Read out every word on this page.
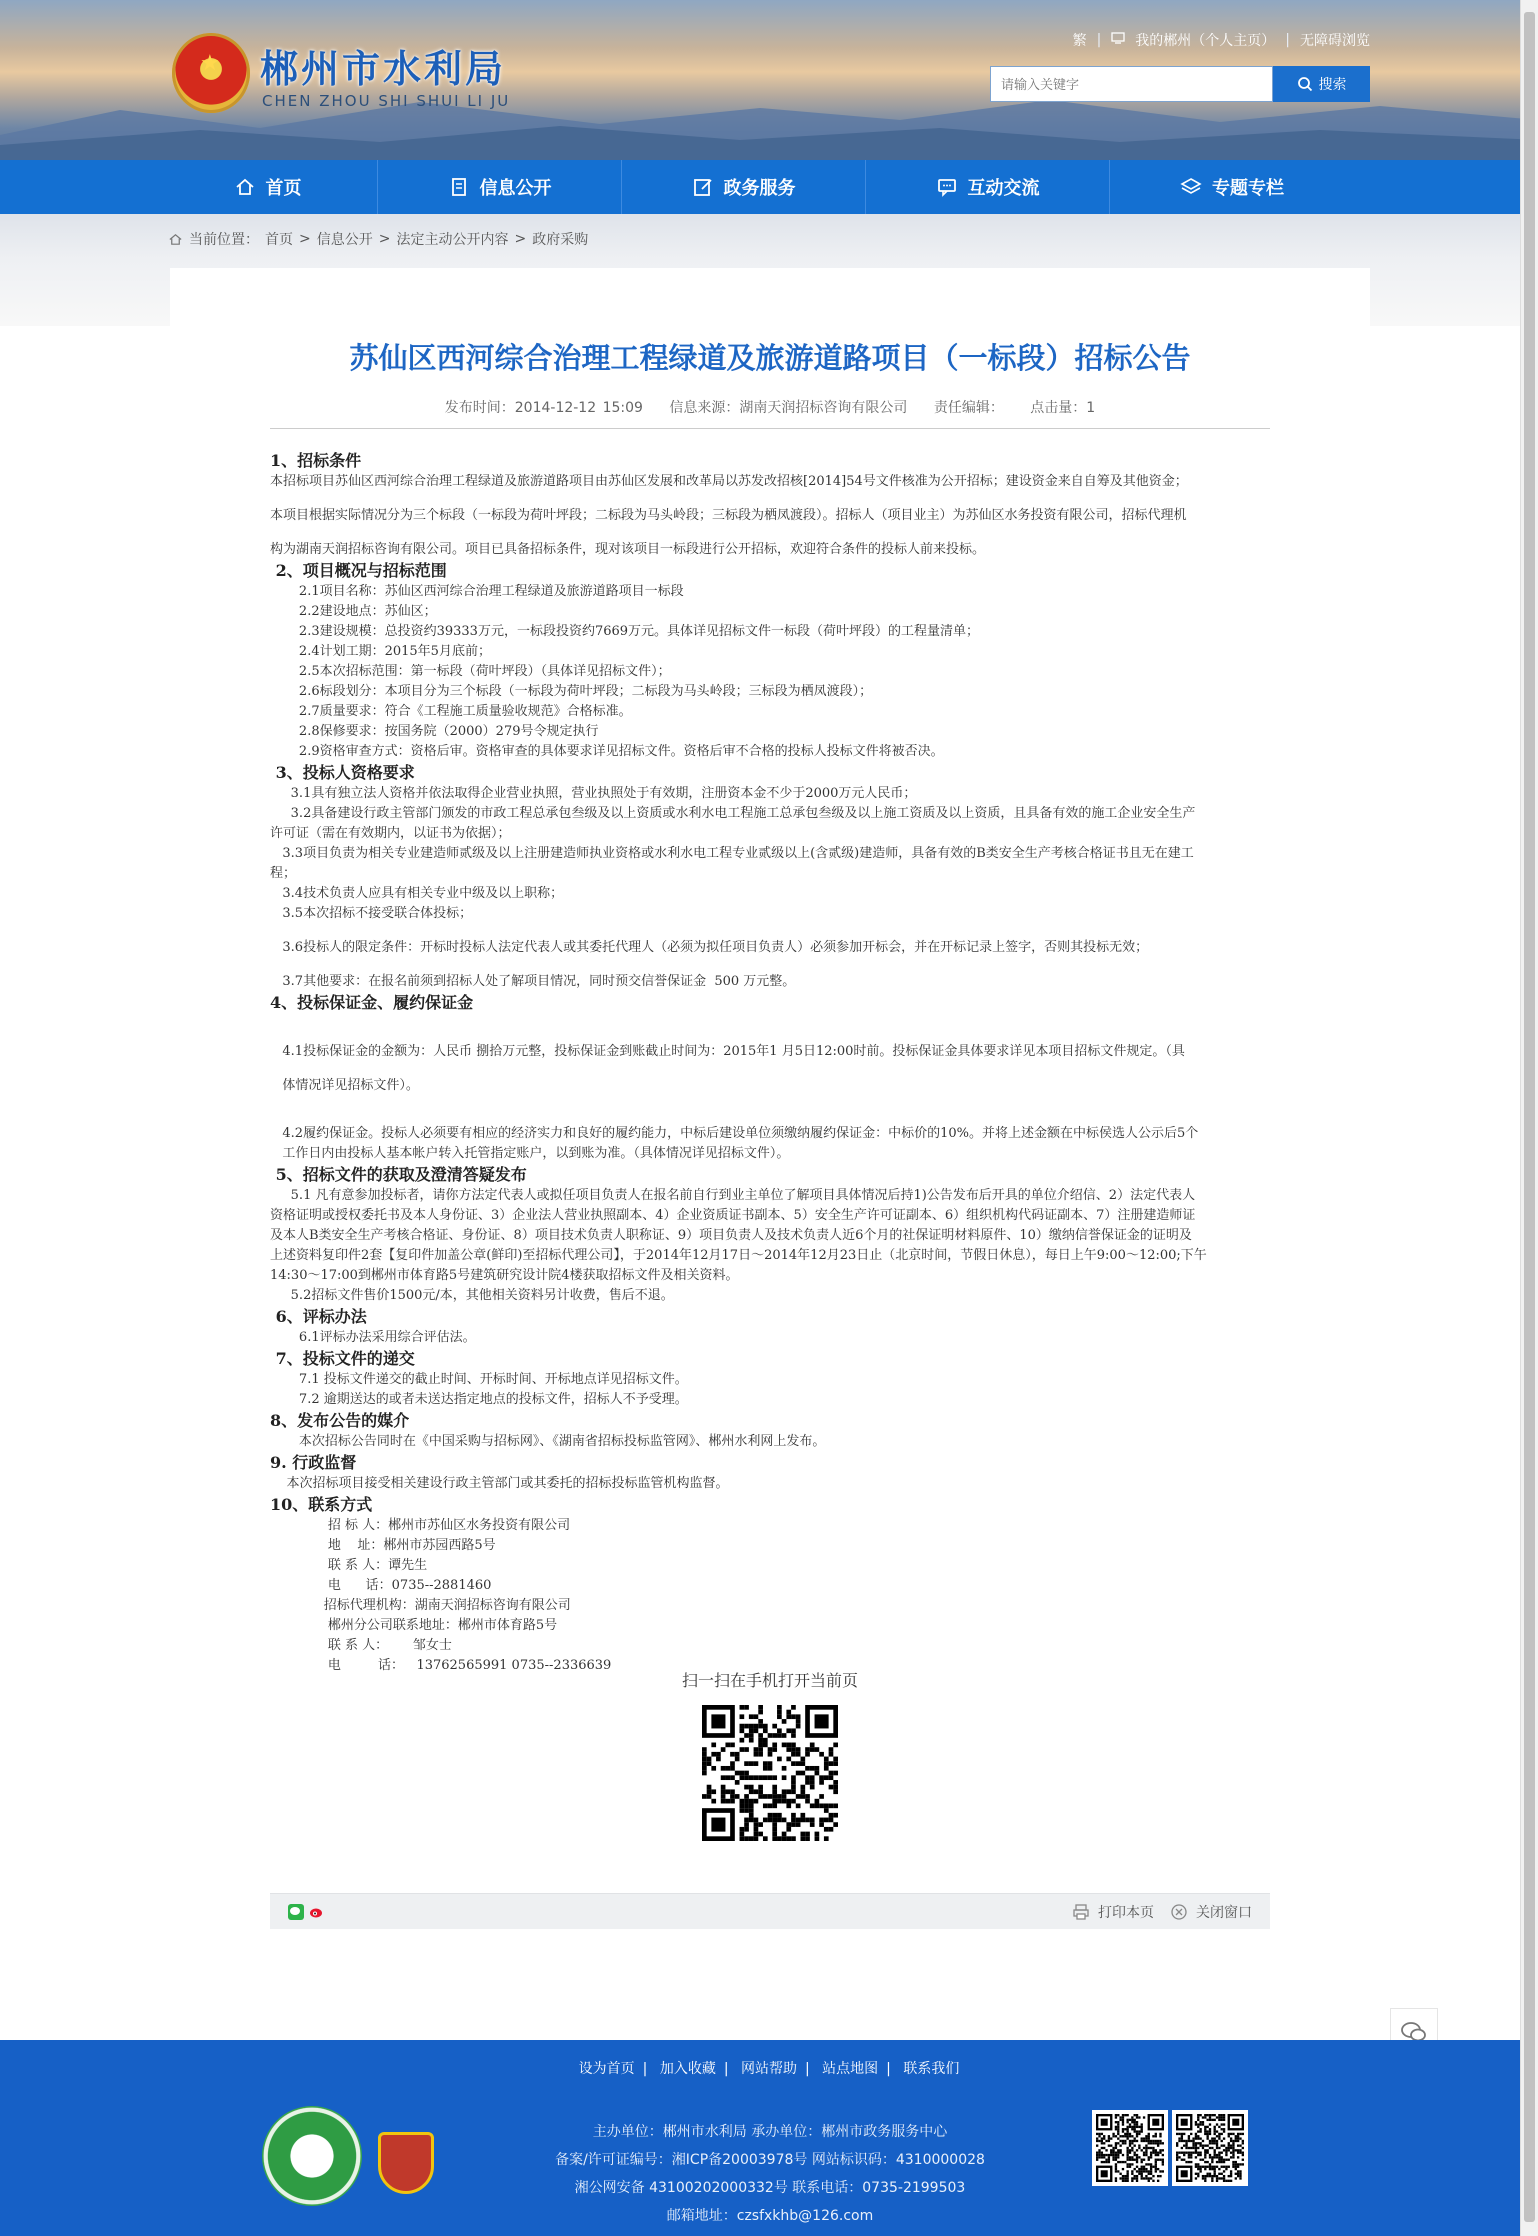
★ 郴州市水利局
CHEN ZHOU SHI SHUI LI JU
繁 | 我的郴州（个人主页） | 无障碍浏览
请输入关键字
搜索
首页	信息公开	政务服务	互动交流	专题专栏
当前位置： 首页 > 信息公开 > 法定主动公开内容 > 政府采购
苏仙区西河综合治理工程绿道及旅游道路项目（一标段）招标公告
发布时间：2014-12-12 15:09 信息来源：湖南天润招标咨询有限公司 责任编辑： 点击量：1

1、招标条件

本招标项目苏仙区西河综合治理工程绿道及旅游道路项目由苏仙区发展和改革局以苏发改招核[2014]54号文件核准为公开招标；建设资金来自自筹及其他资金；

本项目根据实际情况分为三个标段（一标段为荷叶坪段；二标段为马头岭段；三标段为栖凤渡段）。招标人（项目业主）为苏仙区水务投资有限公司，招标代理机

构为湖南天润招标咨询有限公司。项目已具备招标条件，现对该项目一标段进行公开招标，欢迎符合条件的投标人前来投标。

2、项目概况与招标范围

2.1项目名称：苏仙区西河综合治理工程绿道及旅游道路项目一标段

2.2建设地点：苏仙区；

2.3建设规模：总投资约39333万元，一标段投资约7669万元。具体详见招标文件一标段（荷叶坪段）的工程量清单；

2.4计划工期：2015年5月底前；

2.5本次招标范围：第一标段（荷叶坪段）（具体详见招标文件）；

2.6标段划分：本项目分为三个标段（一标段为荷叶坪段；二标段为马头岭段；三标段为栖凤渡段）；

2.7质量要求：符合《工程施工质量验收规范》合格标准。

2.8保修要求：按国务院（2000）279号令规定执行

2.9资格审查方式：资格后审。资格审查的具体要求详见招标文件。资格后审不合格的投标人投标文件将被否决。

3、投标人资格要求

3.1具有独立法人资格并依法取得企业营业执照，营业执照处于有效期，注册资本金不少于2000万元人民币；

3.2具备建设行政主管部门颁发的市政工程总承包叁级及以上资质或水利水电工程施工总承包叁级及以上施工资质及以上资质，且具备有效的施工企业安全生产

许可证（需在有效期内，以证书为依据）；

3.3项目负责为相关专业建造师贰级及以上注册建造师执业资格或水利水电工程专业贰级以上(含贰级)建造师，具备有效的B类安全生产考核合格证书且无在建工

程；

3.4技术负责人应具有相关专业中级及以上职称；

3.5本次招标不接受联合体投标；

3.6投标人的限定条件：开标时投标人法定代表人或其委托代理人（必须为拟任项目负责人）必须参加开标会，并在开标记录上签字，否则其投标无效；

3.7其他要求：在报名前须到招标人处了解项目情况，同时预交信誉保证金  500 万元整。

4、投标保证金、履约保证金

4.1投标保证金的金额为：人民币 捌拾万元整，投标保证金到账截止时间为：2015年1 月5日12:00时前。投标保证金具体要求详见本项目招标文件规定。（具

体情况详见招标文件）。

4.2履约保证金。投标人必须要有相应的经济实力和良好的履约能力，中标后建设单位须缴纳履约保证金：中标价的10%。并将上述金额在中标侯选人公示后5个

工作日内由投标人基本帐户转入托管指定账户，以到账为准。（具体情况详见招标文件）。

5、招标文件的获取及澄清答疑发布

5.1 凡有意参加投标者，请你方法定代表人或拟任项目负责人在报名前自行到业主单位了解项目具体情况后持1)公告发布后开具的单位介绍信、2）法定代表人

资格证明或授权委托书及本人身份证、3）企业法人营业执照副本、4）企业资质证书副本、5）安全生产许可证副本、6）组织机构代码证副本、7）注册建造师证

及本人B类安全生产考核合格证、身份证、8）项目技术负责人职称证、9）项目负责人及技术负责人近6个月的社保证明材料原件、10）缴纳信誉保证金的证明及

上述资料复印件2套【复印件加盖公章(鲜印)至招标代理公司】，于2014年12月17日～2014年12月23日止（北京时间，节假日休息），每日上午9:00～12:00;下午

14:30～17:00到郴州市体育路5号建筑研究设计院4楼获取招标文件及相关资料。

5.2招标文件售价1500元/本，其他相关资料另计收费，售后不退。

6、评标办法

6.1评标办法采用综合评估法。

7、投标文件的递交

7.1 投标文件递交的截止时间、开标时间、开标地点详见招标文件。

7.2 逾期送达的或者未送达指定地点的投标文件，招标人不予受理。

8、发布公告的媒介

本次招标公告同时在《中国采购与招标网》、《湖南省招标投标监管网》、郴州水利网上发布。

9. 行政监督

本次招标项目接受相关建设行政主管部门或其委托的招标投标监管机构监督。

10、联系方式

招 标 人：郴州市苏仙区水务投资有限公司

地    址：郴州市苏园西路5号

联 系 人：谭先生

电      话：0735--2881460

招标代理机构：湖南天润招标咨询有限公司

郴州分公司联系地址：郴州市体育路5号

联 系 人：      邹女士

电         话：   13762565991 0735--2336639

扫一扫在手机打开当前页
打印本页	关闭窗口
设为首页 | 加入收藏 | 网站帮助 | 站点地图 | 联系我们
主办单位：郴州市水利局 承办单位：郴州市政务服务中心
备案/许可证编号：湘ICP备20003978号 网站标识码：4310000028
湘公网安备 43100202000332号 联系电话：0735-2199503
邮箱地址：czsfxkhb@126.com
